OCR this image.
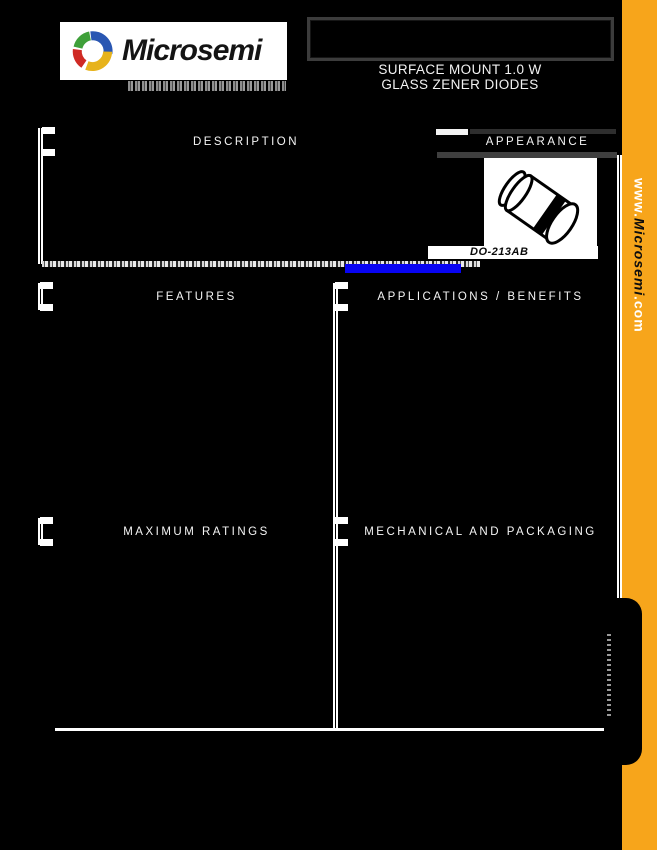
Microsemi
SURFACE MOUNT 1.0 W
GLASS ZENER DIODES
DESCRIPTION	APPEARANCE
DO-213AB
FEATURES	APPLICATIONS / BENEFITS
MAXIMUM RATINGS	MECHANICAL AND PACKAGING
www.
Microsemi
.com
